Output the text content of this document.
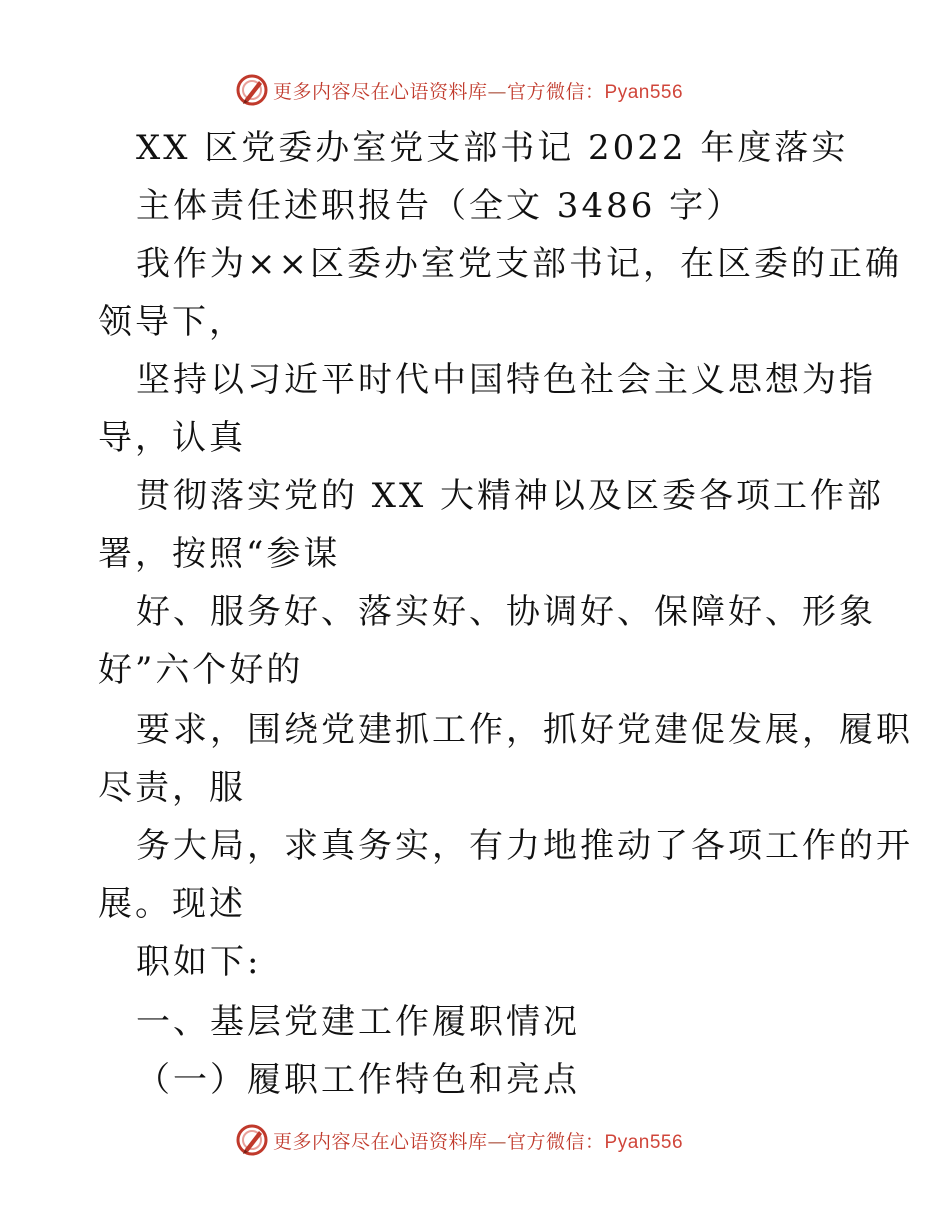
更多内容尽在心语资料库—官方微信：Pyan556
XX 区党委办室党支部书记 2022 年度落实
主体责任述职报告（全文 3486 字）
我作为××区委办室党支部书记，在区委的正确
领导下，
坚持以习近平时代中国特色社会主义思想为指
导，认真
贯彻落实党的 XX 大精神以及区委各项工作部
署，按照“参谋
好、服务好、落实好、协调好、保障好、形象
好”六个好的
要求，围绕党建抓工作，抓好党建促发展，履职
尽责，服
务大局，求真务实，有力地推动了各项工作的开
展。现述
职如下:
一、基层党建工作履职情况
（一）履职工作特色和亮点
更多内容尽在心语资料库—官方微信：Pyan556
